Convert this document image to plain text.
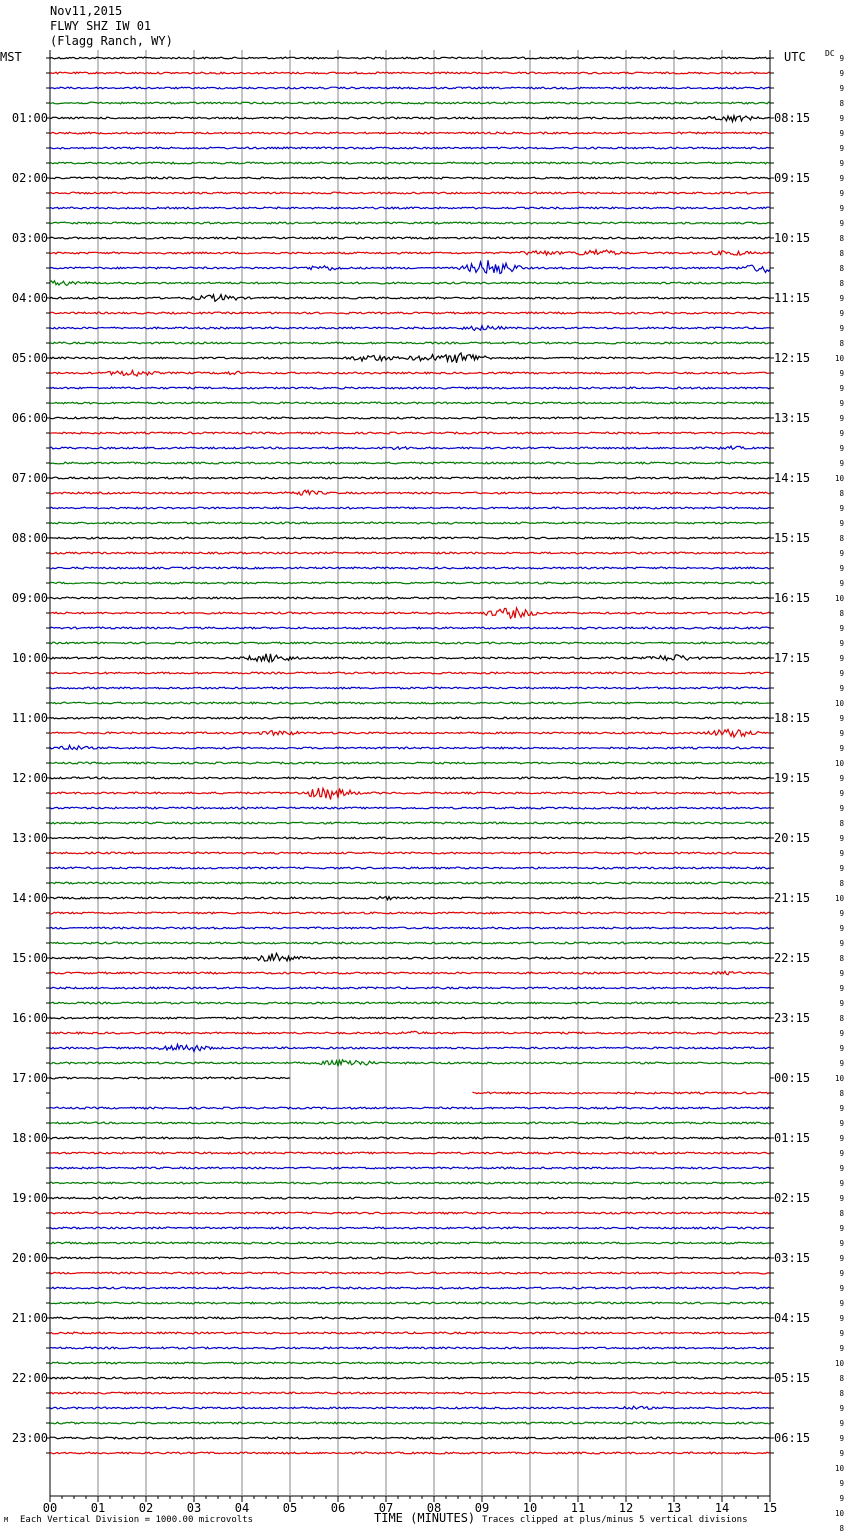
00	01	02	03	04	05	06	07	08	09	10	11	12	13	14	15
01:00
02:00
03:00
04:00
05:00
06:00
07:00
08:00
09:00
10:00
11:00
12:00
13:00
14:00
15:00
16:00
17:00
18:00
19:00
20:00
21:00
22:00
23:00
08:15
09:15
10:15
11:15
12:15
13:15
14:15
15:15
16:15
17:15
18:15
19:15
20:15
21:15
22:15
23:15
00:15
01:15
02:15
03:15
04:15
05:15
06:15
9
9
9
8
9
9
9
9
9
9
9
9
8
8
8
8
9
9
9
8
10
9
9
9
9
9
9
9
10
8
9
9
8
9
9
9
10
8
9
9
9
9
9
10
9
9
9
10
9
9
9
8
9
9
9
8
10
9
9
9
8
9
9
9
8
9
9
9
10
8
9
9
9
9
9
9
9
8
9
9
9
9
9
9
9
9
9
10
8
8
9
9
9
9
10
9
9
10
8
Nov11,2015
FLWY SHZ IW 01
(Flagg Ranch, WY)
MST	UTC DC
M Each Vertical Division = 1000.00 microvolts	TIME (MINUTES) Traces clipped at plus/minus 5 vertical divisions
